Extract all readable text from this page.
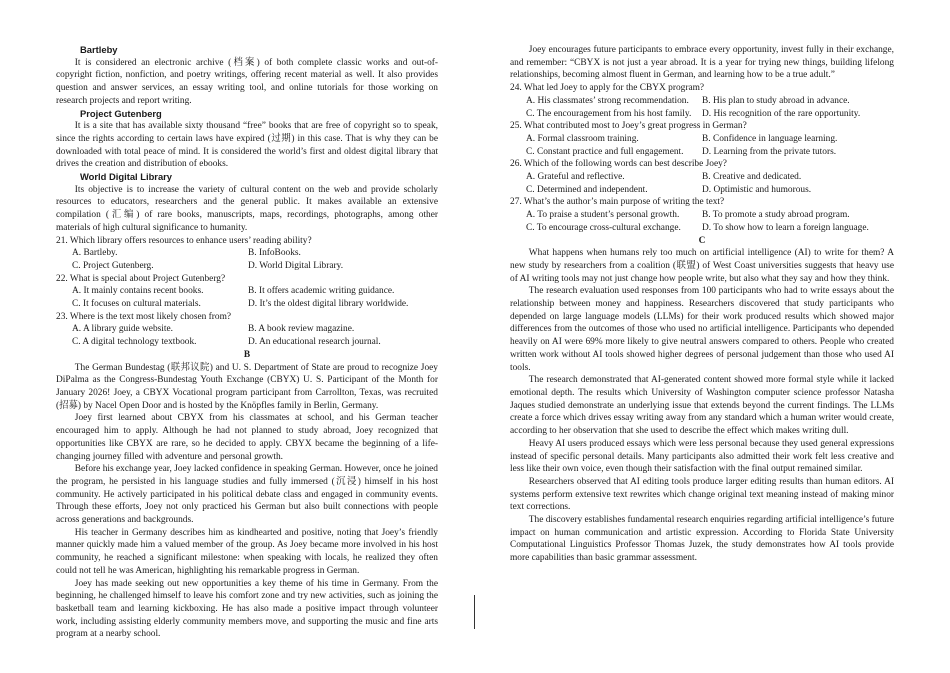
Bartleby

It is considered an electronic archive (档案) of both complete classic works and out-of-copyright fiction, nonfiction, and poetry writings, offering recent material as well. It also provides question and answer services, an essay writing tool, and online tutorials for those working on research projects and report writing.

Project Gutenberg

It is a site that has available sixty thousand “free” books that are free of copyright so to speak, since the rights according to certain laws have expired (过期) in this case. That is why they can be downloaded with total peace of mind. It is considered the world’s first and oldest digital library that drives the creation and distribution of ebooks.

World Digital Library

Its objective is to increase the variety of cultural content on the web and provide scholarly resources to educators, researchers and the general public. It makes available an extensive compilation (汇编) of rare books, manuscripts, maps, recordings, photographs, among other materials of high cultural significance to humanity.

21. Which library offers resources to enhance users’ reading ability?

A. Bartleby.	B. InfoBooks.

C. Project Gutenberg.	D. World Digital Library.

22. What is special about Project Gutenberg?

A. It mainly contains recent books.	B. It offers academic writing guidance.

C. It focuses on cultural materials.	D. It’s the oldest digital library worldwide.

23. Where is the text most likely chosen from?

A. A library guide website.	B. A book review magazine.

C. A digital technology textbook.	D. An educational research journal.

B

The German Bundestag (联邦议院) and U. S. Department of State are proud to recognize Joey DiPalma as the Congress-Bundestag Youth Exchange (CBYX) U. S. Participant of the Month for January 2026! Joey, a CBYX Vocational program participant from Carrollton, Texas, was recruited (招募) by Nacel Open Door and is hosted by the Knöpfles family in Berlin, Germany.

Joey first learned about CBYX from his classmates at school, and his German teacher encouraged him to apply. Although he had not planned to study abroad, Joey recognized that opportunities like CBYX are rare, so he decided to apply. CBYX became the beginning of a life-changing journey filled with adventure and personal growth.

Before his exchange year, Joey lacked confidence in speaking German. However, once he joined the program, he persisted in his language studies and fully immersed (沉浸) himself in his host community. He actively participated in his political debate class and engaged in community events. Through these efforts, Joey not only practiced his German but also built connections with people across generations and backgrounds.

His teacher in Germany describes him as kindhearted and positive, noting that Joey’s friendly manner quickly made him a valued member of the group. As Joey became more involved in his host community, he reached a significant milestone: when speaking with locals, he realized they often could not tell he was American, highlighting his remarkable progress in German.

Joey has made seeking out new opportunities a key theme of his time in Germany. From the beginning, he challenged himself to leave his comfort zone and try new activities, such as joining the basketball team and learning kickboxing. He has also made a positive impact through volunteer work, including assisting elderly community members move, and supporting the music and fine arts program at a nearby school.

Joey encourages future participants to embrace every opportunity, invest fully in their exchange, and remember: “CBYX is not just a year abroad. It is a year for trying new things, building lifelong relationships, becoming almost fluent in German, and learning how to be a true adult.”

24. What led Joey to apply for the CBYX program?

A. His classmates’ strong recommendation.	B. His plan to study abroad in advance.

C. The encouragement from his host family.	D. His recognition of the rare opportunity.

25. What contributed most to Joey’s great progress in German?

A. Formal classroom training.	B. Confidence in language learning.

C. Constant practice and full engagement.	D. Learning from the private tutors.

26. Which of the following words can best describe Joey?

A. Grateful and reflective.	B. Creative and dedicated.

C. Determined and independent.	D. Optimistic and humorous.

27. What’s the author’s main purpose of writing the text?

A. To praise a student’s personal growth.	B. To promote a study abroad program.

C. To encourage cross-cultural exchange.	D. To show how to learn a foreign language.

C

What happens when humans rely too much on artificial intelligence (AI) to write for them? A new study by researchers from a coalition (联盟) of West Coast universities suggests that heavy use of AI writing tools may not just change how people write, but also what they say and how they think.

The research evaluation used responses from 100 participants who had to write essays about the relationship between money and happiness. Researchers discovered that study participants who depended on large language models (LLMs) for their work produced results which showed major differences from the outcomes of those who used no artificial intelligence. Participants who depended heavily on AI were 69% more likely to give neutral answers compared to others. People who created written work without AI tools showed higher degrees of personal judgement than those who used AI tools.

The research demonstrated that AI-generated content showed more formal style while it lacked emotional depth. The results which University of Washington computer science professor Natasha Jaques studied demonstrate an underlying issue that extends beyond the current findings. The LLMs create a force which drives essay writing away from any standard which a human writer would create, according to her observation that she used to describe the effect which makes writing dull.

Heavy AI users produced essays which were less personal because they used general expressions instead of specific personal details. Many participants also admitted their work felt less creative and less like their own voice, even though their satisfaction with the final output remained similar.

Researchers observed that AI editing tools produce larger editing results than human editors. AI systems perform extensive text rewrites which change original text meaning instead of making minor text corrections.

The discovery establishes fundamental research enquiries regarding artificial intelligence’s future impact on human communication and artistic expression. According to Florida State University Computational Linguistics Professor Thomas Juzek, the study demonstrates how AI tools provide more capabilities than basic grammar assessment.
